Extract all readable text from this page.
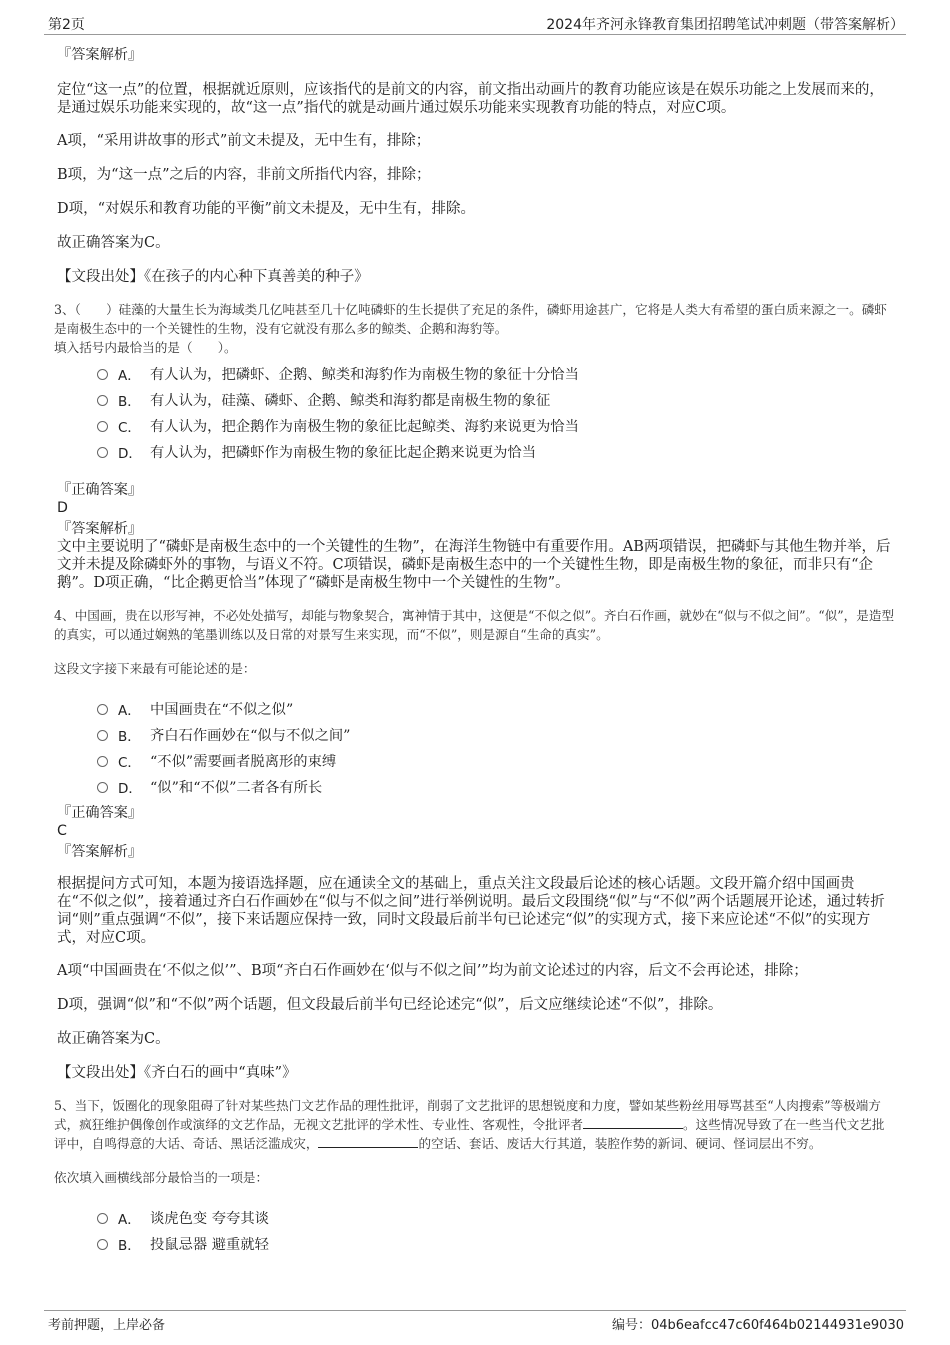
第2页	2024年齐河永锋教育集团招聘笔试冲刺题（带答案解析）

『答案解析』

定位“这一点”的位置，根据就近原则，应该指代的是前文的内容，前文指出动画片的教育功能应该是在娱乐功能之上发展而来的，是通过娱乐功能来实现的，故“这一点”指代的就是动画片通过娱乐功能来实现教育功能的特点，对应C项。

A项，“采用讲故事的形式”前文未提及，无中生有，排除；

B项，为“这一点”之后的内容，非前文所指代内容，排除；

D项，“对娱乐和教育功能的平衡”前文未提及，无中生有，排除。

故正确答案为C。

【文段出处】《在孩子的内心种下真善美的种子》

3、（　　）硅藻的大量生长为海域类几亿吨甚至几十亿吨磷虾的生长提供了充足的条件，磷虾用途甚广，它将是人类大有希望的蛋白质来源之一。磷虾是南极生态中的一个关键性的生物，没有它就没有那么多的鲸类、企鹅和海豹等。

填入括号内最恰当的是（　　）。

A． 有人认为，把磷虾、企鹅、鲸类和海豹作为南极生物的象征十分恰当
B． 有人认为，硅藻、磷虾、企鹅、鲸类和海豹都是南极生物的象征
C． 有人认为，把企鹅作为南极生物的象征比起鲸类、海豹来说更为恰当
D． 有人认为，把磷虾作为南极生物的象征比起企鹅来说更为恰当

『正确答案』

D

『答案解析』

文中主要说明了“磷虾是南极生态中的一个关键性的生物”，在海洋生物链中有重要作用。AB两项错误，把磷虾与其他生物并举，后文并未提及除磷虾外的事物，与语义不符。C项错误，磷虾是南极生态中的一个关键性生物，即是南极生物的象征，而非只有“企鹅”。D项正确，“比企鹅更恰当”体现了“磷虾是南极生物中一个关键性的生物”。

4、中国画，贵在以形写神，不必处处描写，却能与物象契合，寓神情于其中，这便是“不似之似”。齐白石作画，就妙在“似与不似之间”。“似”，是造型的真实，可以通过娴熟的笔墨训练以及日常的对景写生来实现，而“不似”，则是源自“生命的真实”。

这段文字接下来最有可能论述的是：

A． 中国画贵在“不似之似”
B． 齐白石作画妙在“似与不似之间”
C． “不似”需要画者脱离形的束缚
D． “似”和“不似”二者各有所长

『正确答案』

C

『答案解析』

根据提问方式可知，本题为接语选择题，应在通读全文的基础上，重点关注文段最后论述的核心话题。文段开篇介绍中国画贵在“不似之似”，接着通过齐白石作画妙在“似与不似之间”进行举例说明。最后文段围绕“似”与“不似”两个话题展开论述，通过转折词“则”重点强调“不似”，接下来话题应保持一致，同时文段最后前半句已论述完“似”的实现方式，接下来应论述“不似”的实现方式，对应C项。

A项“中国画贵在‘不似之似’”、B项“齐白石作画妙在‘似与不似之间’”均为前文论述过的内容，后文不会再论述，排除；

D项，强调“似”和“不似”两个话题，但文段最后前半句已经论述完“似”，后文应继续论述“不似”，排除。

故正确答案为C。

【文段出处】《齐白石的画中“真味”》

5、当下，饭圈化的现象阻碍了针对某些热门文艺作品的理性批评，削弱了文艺批评的思想锐度和力度，譬如某些粉丝用辱骂甚至“人肉搜索”等极端方式，疯狂维护偶像创作或演绎的文艺作品，无视文艺批评的学术性、专业性、客观性，令批评者	。这些情况导致了在一些当代文艺批评中，自鸣得意的大话、奇话、黑话泛滥成灾，	的空话、套话、废话大行其道，装腔作势的新词、硬词、怪词层出不穷。

依次填入画横线部分最恰当的一项是：

A． 谈虎色变 夸夸其谈
B． 投鼠忌器 避重就轻
考前押题，上岸必备	编号：04b6eafcc47c60f464b02144931e9030
